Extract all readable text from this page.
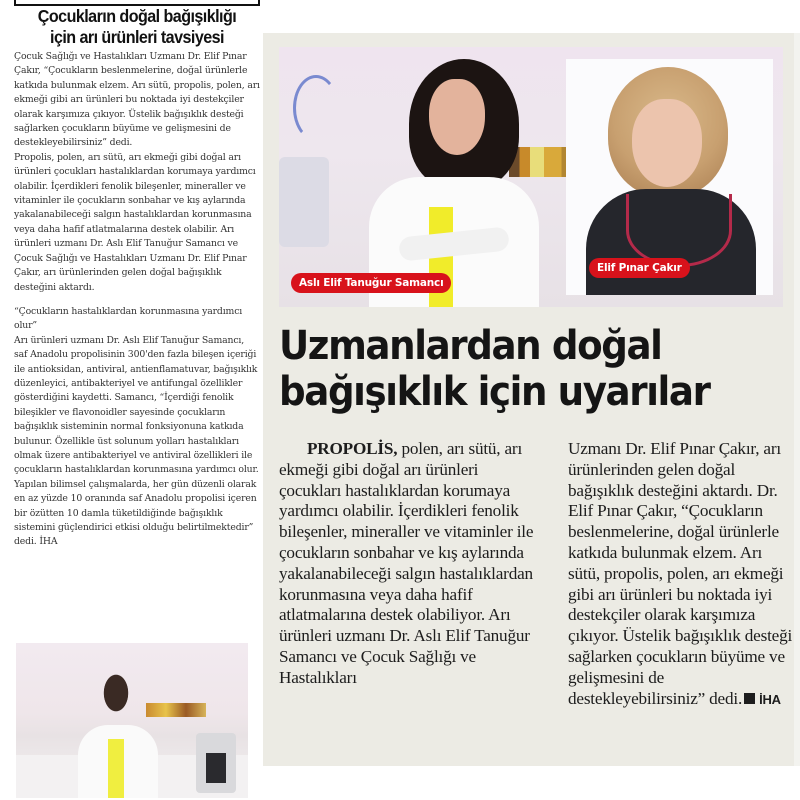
Çocukların doğal bağışıklığı
için arı ürünleri tavsiyesi

Çocuk Sağlığı ve Hastalıkları Uzmanı Dr. Elif Pınar Çakır, “Çocukların beslenmelerine, doğal ürünlerle katkıda bulunmak elzem. Arı sütü, propolis, polen, arı ekmeği gibi arı ürünleri bu noktada iyi destekçiler olarak karşımıza çıkıyor. Üstelik bağışıklık desteği sağlarken çocukların büyüme ve gelişmesini de destekleyebilirsiniz” dedi.

Propolis, polen, arı sütü, arı ekmeği gibi doğal arı ürünleri çocukları hastalıklardan korumaya yardımcı olabilir. İçerdikleri fenolik bileşenler, mineraller ve vitaminler ile çocukların sonbahar ve kış aylarında yakalanabileceği salgın hastalıklardan korunmasına veya daha hafif atlatmalarına destek olabilir. Arı ürünleri uzmanı Dr. Aslı Elif Tanuğur Samancı ve Çocuk Sağlığı ve Hastalıkları Uzmanı Dr. Elif Pınar Çakır, arı ürünlerinden gelen doğal bağışıklık desteğini aktardı.

“Çocukların hastalıklardan korunmasına yardımcı olur”

Arı ürünleri uzmanı Dr. Aslı Elif Tanuğur Samancı, saf Anadolu propolisinin 300'den fazla bileşen içeriği ile antioksidan, antiviral, antienflamatuvar, bağışıklık düzenleyici, antibakteriyel ve antifungal özellikler gösterdiğini kaydetti. Samancı, “İçerdiği fenolik bileşikler ve flavonoidler sayesinde çocukların bağışıklık sisteminin normal fonksiyonuna katkıda bulunur. Özellikle üst solunum yolları hastalıkları olmak üzere antibakteriyel ve antiviral özellikleri ile çocukların hastalıklardan korunmasına yardımcı olur. Yapılan bilimsel çalışmalarda, her gün düzenli olarak en az yüzde 10 oranında saf Anadolu propolisi içeren bir özütten 10 damla tüketildiğinde bağışıklık sistemini güçlendirici etkisi olduğu belirtilmektedir” dedi. İHA

Aslı Elif Tanuğur Samancı
Elif Pınar Çakır
Uzmanlardan doğal
bağışıklık için uyarılar

PROPOLİS, polen, arı sütü, arı ekmeği gibi doğal arı ürünleri çocukları hastalıklardan korumaya yardımcı olabilir. İçerdikleri fenolik bileşenler, mineraller ve vitaminler ile çocukların sonbahar ve kış aylarında yakalanabileceği salgın hastalıklardan korunmasına veya daha hafif atlatmalarına destek olabiliyor. Arı ürünleri uzmanı Dr. Aslı Elif Tanuğur Samancı ve Çocuk Sağlığı ve Hastalıkları

Uzmanı Dr. Elif Pınar Çakır, arı ürünlerinden gelen doğal bağışıklık desteğini aktardı. Dr. Elif Pınar Çakır, “Çocukların beslenmelerine, doğal ürünlerle katkıda bulunmak elzem. Arı sütü, propolis, polen, arı ekmeği gibi arı ürünleri bu noktada iyi destekçiler olarak karşımıza çıkıyor. Üstelik bağışıklık desteği sağlarken çocukların büyüme ve gelişmesini de destekleyebilirsiniz” dedi. İHA
